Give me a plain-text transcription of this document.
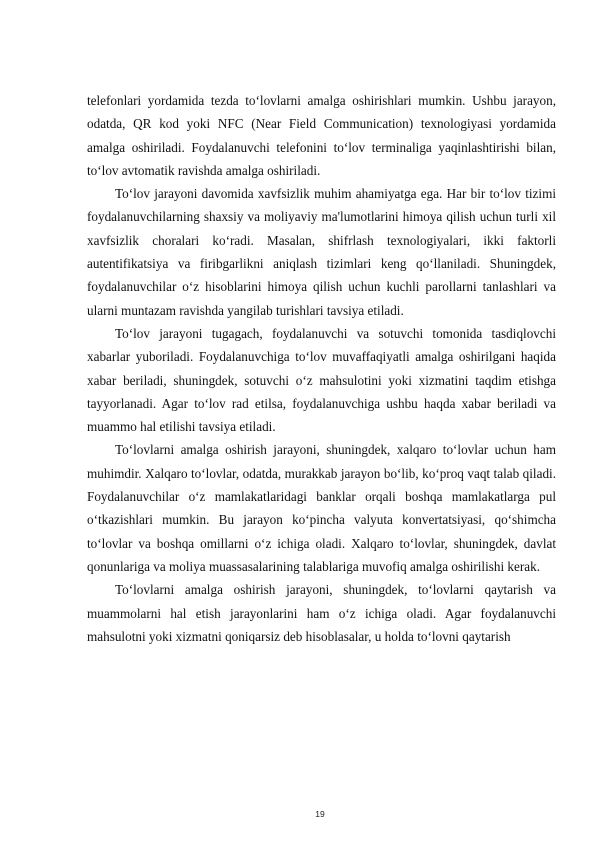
telefonlari yordamida tezda to‘lovlarni amalga oshirishlari mumkin. Ushbu jarayon, odatda, QR kod yoki NFC (Near Field Communication) texnologiyasi yordamida amalga oshiriladi. Foydalanuvchi telefonini to‘lov terminaliga yaqinlashtirishi bilan, to‘lov avtomatik ravishda amalga oshiriladi.

To‘lov jarayoni davomida xavfsizlik muhim ahamiyatga ega. Har bir to‘lov tizimi foydalanuvchilarning shaxsiy va moliyaviy ma'lumotlarini himoya qilish uchun turli xil xavfsizlik choralari ko‘radi. Masalan, shifrlash texnologiyalari, ikki faktorli autentifikatsiya va firibgarlikni aniqlash tizimlari keng qo‘llaniladi. Shuningdek, foydalanuvchilar o‘z hisoblarini himoya qilish uchun kuchli parollarni tanlashlari va ularni muntazam ravishda yangilab turishlari tavsiya etiladi.

To‘lov jarayoni tugagach, foydalanuvchi va sotuvchi tomonida tasdiqlovchi xabarlar yuboriladi. Foydalanuvchiga to‘lov muvaffaqiyatli amalga oshirilgani haqida xabar beriladi, shuningdek, sotuvchi o‘z mahsulotini yoki xizmatini taqdim etishga tayyorlanadi. Agar to‘lov rad etilsa, foydalanuvchiga ushbu haqda xabar beriladi va muammo hal etilishi tavsiya etiladi.

To‘lovlarni amalga oshirish jarayoni, shuningdek, xalqaro to‘lovlar uchun ham muhimdir. Xalqaro to‘lovlar, odatda, murakkab jarayon bo‘lib, ko‘proq vaqt talab qiladi. Foydalanuvchilar o‘z mamlakatlaridagi banklar orqali boshqa mamlakatlarga pul o‘tkazishlari mumkin. Bu jarayon ko‘pincha valyuta konvertatsiyasi, qo‘shimcha to‘lovlar va boshqa omillarni o‘z ichiga oladi. Xalqaro to‘lovlar, shuningdek, davlat qonunlariga va moliya muassasalarining talablariga muvofiq amalga oshirilishi kerak.

To‘lovlarni amalga oshirish jarayoni, shuningdek, to‘lovlarni qaytarish va muammolarni hal etish jarayonlarini ham o‘z ichiga oladi. Agar foydalanuvchi mahsulotni yoki xizmatni qoniqarsiz deb hisoblasalar, u holda to‘lovni qaytarish

19
